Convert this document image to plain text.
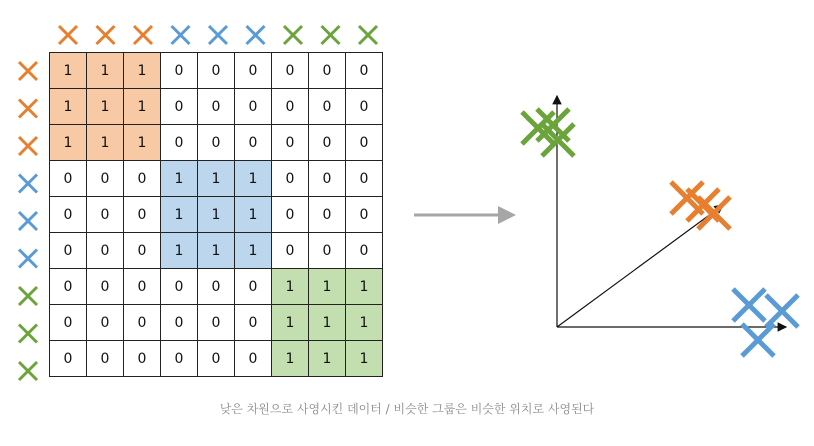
1	1	1	0	0	0	0	0	0
1	1	1	0	0	0	0	0	0
1	1	1	0	0	0	0	0	0
0	0	0	1	1	1	0	0	0
0	0	0	1	1	1	0	0	0
0	0	0	1	1	1	0	0	0
0	0	0	0	0	0	1	1	1
0	0	0	0	0	0	1	1	1
0	0	0	0	0	0	1	1	1
낮은 차원으로 사영시킨 데이터 / 비슷한 그룹은 비슷한 위치로 사영된다
